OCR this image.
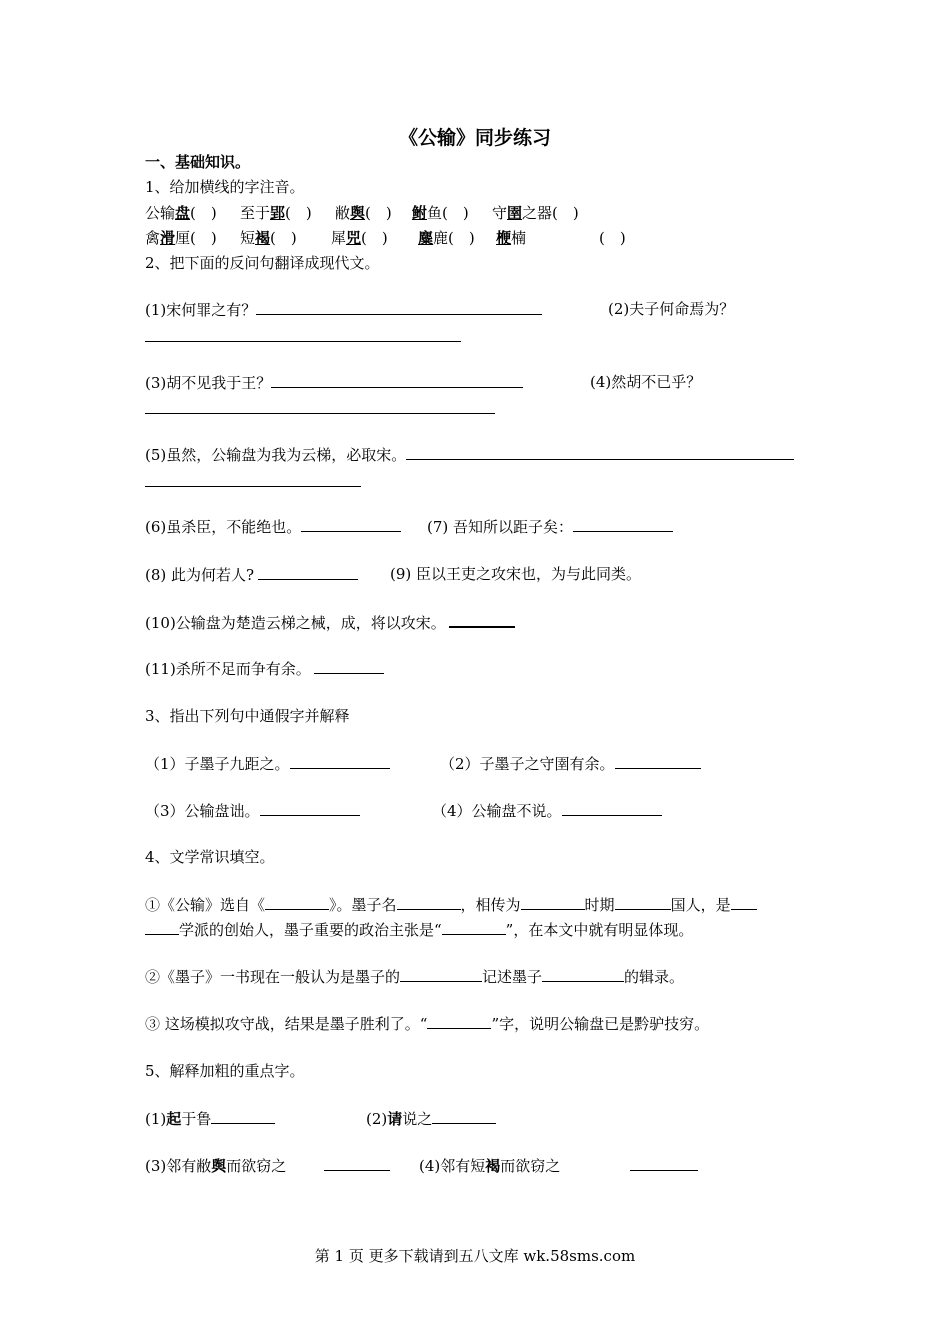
《公输》同步练习
一、基础知识。
1、给加横线的字注音。
公输盘(　) 至于郢(　) 敝舆(　) 鲋鱼(　) 守圉之器(　)
禽滑厘(　) 短褐(　) 犀兕(　) 麋鹿(　) 楩楠	(　)
2、把下面的反问句翻译成现代文。
(1)宋何罪之有？	(2)夫子何命焉为？
(3)胡不见我于王？	(4)然胡不已乎？
(5)虽然，公输盘为我为云梯，必取宋。
(6)虽杀臣，不能绝也。	(7) 吾知所以距子矣：
(8) 此为何若人?	(9) 臣以王吏之攻宋也，为与此同类。
(10)公输盘为楚造云梯之械，成，将以攻宋。
(11)杀所不足而争有余。
3、指出下列句中通假字并解释
（1）子墨子九距之。	（2）子墨子之守圉有余。
（3）公输盘诎。	（4）公输盘不说。
4、文学常识填空。
①《公输》选自《	》。墨子名	，相传为	时期	国人，是
学派的创始人，墨子重要的政治主张是“	”，在本文中就有明显体现。
②《墨子》一书现在一般认为是墨子的	记述墨子	的辑录。
③ 这场模拟攻守战，结果是墨子胜利了。“	”字，说明公输盘已是黔驴技穷。
5、解释加粗的重点字。
(1)起于鲁	(2)请说之
(3)邻有敝舆而欲窃之	(4)邻有短褐而欲窃之
第 1 页 更多下载请到五八文库 wk.58sms.com
